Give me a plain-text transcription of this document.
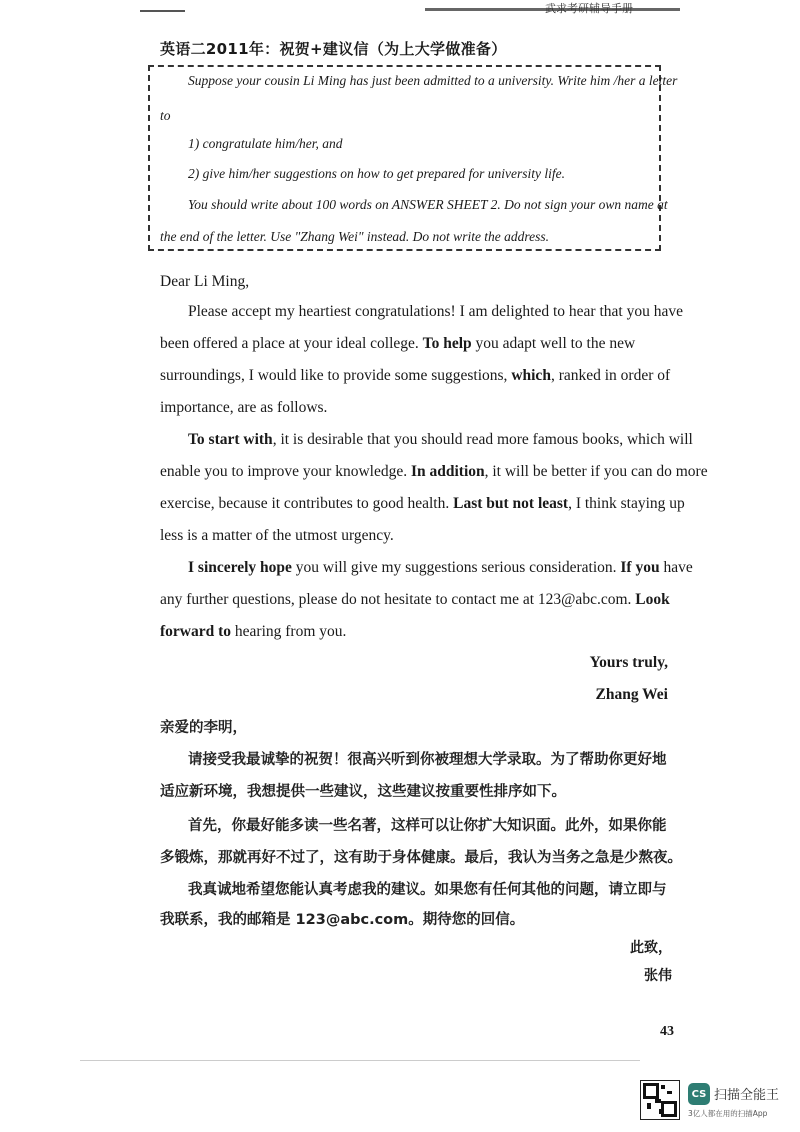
武求考研辅导手册
英语二2011年：祝贺+建议信（为上大学做准备）
Suppose your cousin Li Ming has just been admitted to a university. Write him /her a letter
to
1) congratulate him/her, and
2) give him/her suggestions on how to get prepared for university life.
You should write about 100 words on ANSWER SHEET 2. Do not sign your own name at
the end of the letter. Use "Zhang Wei" instead. Do not write the address.
Dear Li Ming,
Please accept my heartiest congratulations! I am delighted to hear that you have
been offered a place at your ideal college. To help you adapt well to the new
surroundings, I would like to provide some suggestions, which, ranked in order of
importance, are as follows.
To start with, it is desirable that you should read more famous books, which will
enable you to improve your knowledge. In addition, it will be better if you can do more
exercise, because it contributes to good health. Last but not least, I think staying up
less is a matter of the utmost urgency.
I sincerely hope you will give my suggestions serious consideration. If you have
any further questions, please do not hesitate to contact me at 123@abc.com. Look
forward to hearing from you.
Yours truly,
Zhang Wei
亲爱的李明，
请接受我最诚挚的祝贺！很高兴听到你被理想大学录取。为了帮助你更好地
适应新环境，我想提供一些建议，这些建议按重要性排序如下。
首先，你最好能多读一些名著，这样可以让你扩大知识面。此外，如果你能
多锻炼，那就再好不过了，这有助于身体健康。最后，我认为当务之急是少熬夜。
我真诚地希望您能认真考虑我的建议。如果您有任何其他的问题，请立即与
我联系，我的邮箱是 123@abc.com。期待您的回信。
此致，
张伟
43
CS 扫描全能王
3亿人都在用的扫描App
